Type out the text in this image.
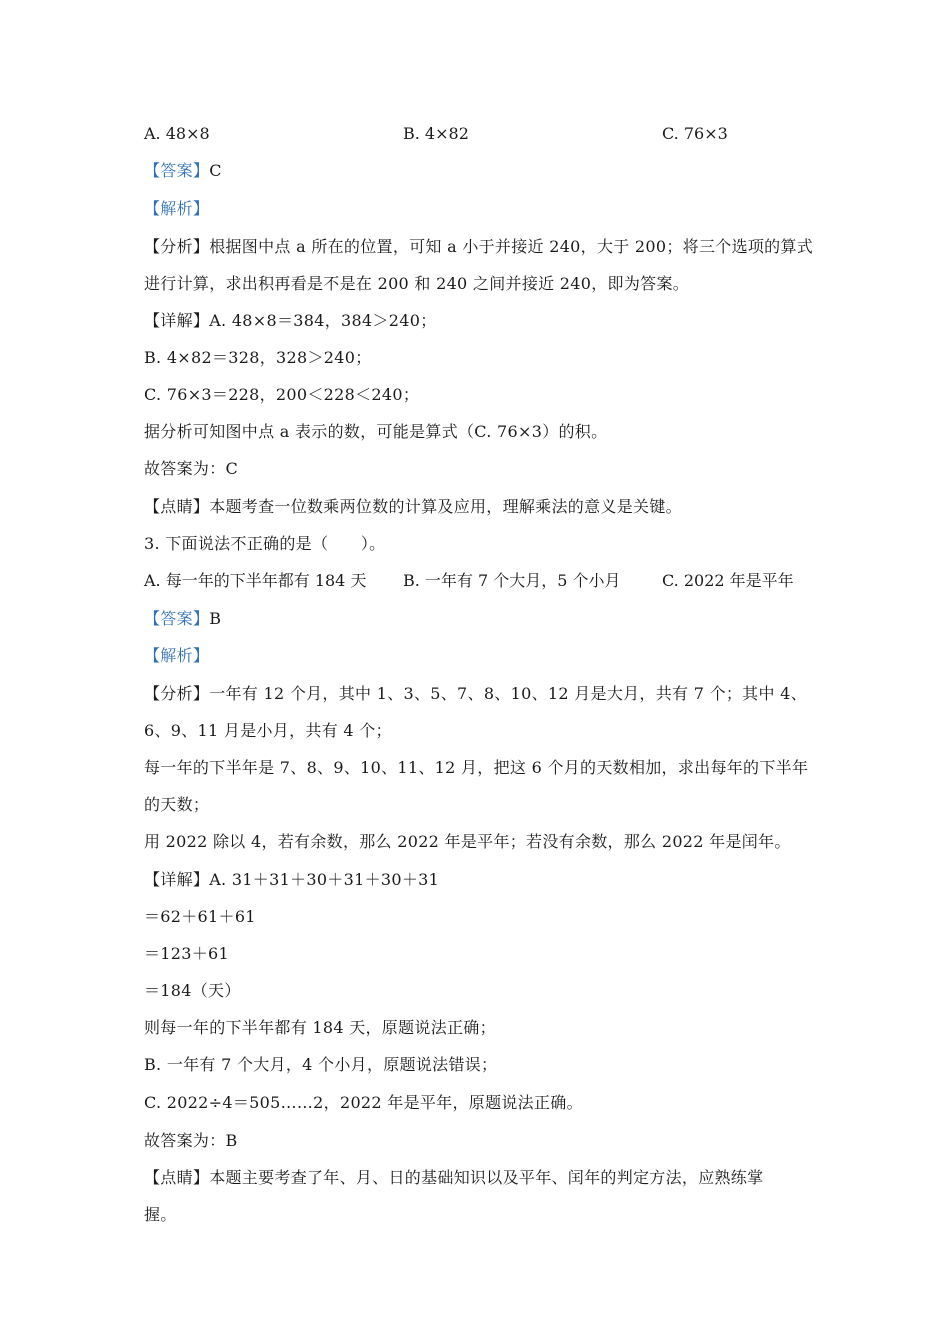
A. 48×8	B. 4×82	C. 76×3
【答案】C
【解析】
【分析】根据图中点 a 所在的位置，可知 a 小于并接近 240，大于 200；将三个选项的算式
进行计算，求出积再看是不是在 200 和 240 之间并接近 240，即为答案。
【详解】A. 48×8＝384，384＞240；
B. 4×82＝328，328＞240；
C. 76×3＝228，200＜228＜240；
据分析可知图中点 a 表示的数，可能是算式（C. 76×3）的积。
故答案为：C
【点睛】本题考查一位数乘两位数的计算及应用，理解乘法的意义是关键。
3. 下面说法不正确的是（　　）。
A. 每一年的下半年都有 184 天 B. 一年有 7 个大月，5 个小月	C. 2022 年是平年
【答案】B
【解析】
【分析】一年有 12 个月，其中 1、3、5、7、8、10、12 月是大月，共有 7 个；其中 4、
6、9、11 月是小月，共有 4 个；
每一年的下半年是 7、8、9、10、11、12 月，把这 6 个月的天数相加，求出每年的下半年
的天数；
用 2022 除以 4，若有余数，那么 2022 年是平年；若没有余数，那么 2022 年是闰年。
【详解】A. 31＋31＋30＋31＋30＋31
＝62＋61＋61
＝123＋61
＝184（天）
则每一年的下半年都有 184 天，原题说法正确；
B. 一年有 7 个大月，4 个小月，原题说法错误；
C. 2022÷4＝505……2，2022 年是平年，原题说法正确。
故答案为：B
【点睛】本题主要考查了年、月、日的基础知识以及平年、闰年的判定方法，应熟练掌
握。
